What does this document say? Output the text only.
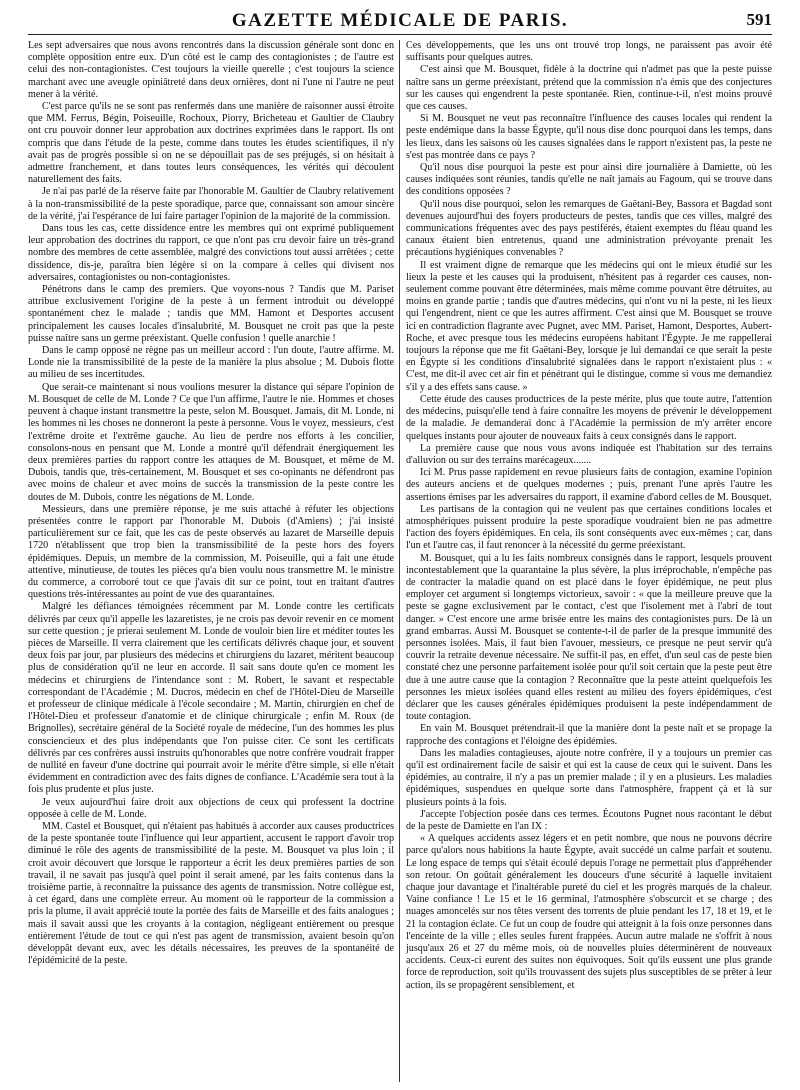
GAZETTE MÉDICALE DE PARIS.	591

Les sept adversaires que nous avons rencontrés dans la discussion générale sont donc en complète opposition entre eux. D'un côté est le camp des contagionistes ; de l'autre est celui des non-contagionistes. C'est toujours la vieille querelle ; c'est toujours la science marchant avec une aveugle opiniâtreté dans deux ornières, dont ni l'une ni l'autre ne peut mener à la vérité.

C'est parce qu'ils ne se sont pas renfermés dans une manière de raisonner aussi étroite que MM. Ferrus, Bégin, Poiseuille, Rochoux, Piorry, Bricheteau et Gaultier de Claubry ont cru pouvoir donner leur approbation aux doctrines exprimées dans le rapport. Ils ont compris que dans l'étude de la peste, comme dans toutes les études scientifiques, il n'y avait pas de progrès possible si on ne se dépouillait pas de ses préjugés, si on hésitait à admettre franchement, et dans toutes leurs conséquences, les vérités qui découlent naturellement des faits.

Je n'ai pas parlé de la réserve faite par l'honorable M. Gaultier de Claubry relativement à la non-transmissibilité de la peste sporadique, parce que, connaissant son amour sincère de la vérité, j'ai l'espérance de lui faire partager l'opinion de la majorité de la commission.

Dans tous les cas, cette dissidence entre les membres qui ont exprimé publiquement leur approbation des doctrines du rapport, ce que n'ont pas cru devoir faire un très-grand nombre des membres de cette assemblée, malgré des convictions tout aussi arrêtées ; cette dissidence, dis-je, paraîtra bien légère si on la compare à celles qui divisent nos adversaires, contagionistes ou non-contagionistes.

Pénétrons dans le camp des premiers. Que voyons-nous ? Tandis que M. Pariset attribue exclusivement l'origine de la peste à un ferment introduit ou développé spontanément chez le malade ; tandis que MM. Hamont et Desportes accusent principalement les causes locales d'insalubrité, M. Bousquet ne croit pas que la peste puisse naître sans un germe préexistant. Quelle confusion ! quelle anarchie !

Dans le camp opposé ne règne pas un meilleur accord : l'un doute, l'autre affirme. M. Londe nie la transmissibilité de la peste de la manière la plus absolue ; M. Dubois flotte au milieu de ses incertitudes.

Que serait-ce maintenant si nous voulions mesurer la distance qui sépare l'opinion de M. Bousquet de celle de M. Londe ? Ce que l'un affirme, l'autre le nie. Hommes et choses peuvent à chaque instant transmettre la peste, selon M. Bousquet. Jamais, dit M. Londe, ni les hommes ni les choses ne donneront la peste à personne. Vous le voyez, messieurs, c'est l'extrême droite et l'extrême gauche. Au lieu de perdre nos efforts à les concilier, consolons-nous en pensant que M. Londe a montré qu'il défendrait énergiquement les deux premières parties du rapport contre les attaques de M. Bousquet, et même de M. Dubois, tandis que, très-certainement, M. Bousquet et ses co-opinants ne défendront pas avec moins de chaleur et avec moins de succès la transmission de la peste contre les doutes de M. Dubois, contre les négations de M. Londe.

Messieurs, dans une première réponse, je me suis attaché à réfuter les objections présentées contre le rapport par l'honorable M. Dubois (d'Amiens) ; j'ai insisté particulièrement sur ce fait, que les cas de peste observés au lazaret de Marseille depuis 1720 n'établissent que trop bien la transmissibilité de la peste hors des foyers épidémiques. Depuis, un membre de la commission, M. Poiseuille, qui a fait une étude attentive, minutieuse, de toutes les pièces qu'a bien voulu nous transmettre M. le ministre du commerce, a corroboré tout ce que j'avais dit sur ce point, tout en traitant d'autres questions très-intéressantes au point de vue des quarantaines.

Malgré les défiances témoignées récemment par M. Londe contre les certificats délivrés par ceux qu'il appelle les lazaretistes, je ne crois pas devoir revenir en ce moment sur cette question ; je prierai seulement M. Londe de vouloir bien lire et méditer toutes les pièces de Marseille. Il verra clairement que les certificats délivrés chaque jour, et souvent deux fois par jour, par plusieurs des médecins et chirurgiens du lazaret, méritent beaucoup plus de considération qu'il ne leur en accorde. Il sait sans doute qu'en ce moment les médecins et chirurgiens de l'intendance sont : M. Robert, le savant et respectable correspondant de l'Académie ; M. Ducros, médecin en chef de l'Hôtel-Dieu de Marseille et professeur de clinique médicale à l'école secondaire ; M. Martin, chirurgien en chef de l'Hôtel-Dieu et professeur d'anatomie et de clinique chirurgicale ; enfin M. Roux (de Brignolles), secrétaire général de la Société royale de médecine, l'un des hommes les plus consciencieux et des plus indépendants que l'on puisse citer. Ce sont les certificats délivrés par ces confrères aussi instruits qu'honorables que notre confrère voudrait frapper de nullité en faveur d'une doctrine qui pourrait avoir le mérite d'être simple, si elle n'était évidemment en contradiction avec des faits dignes de confiance. L'Académie sera tout à la fois plus prudente et plus juste.

Je veux aujourd'hui faire droit aux objections de ceux qui professent la doctrine opposée à celle de M. Londe.

MM. Castel et Bousquet, qui n'étaient pas habitués à accorder aux causes productrices de la peste spontanée toute l'influence qui leur appartient, accusent le rapport d'avoir trop diminué le rôle des agents de transmissibilité de la peste. M. Bousquet va plus loin ; il croit avoir découvert que lorsque le rapporteur a écrit les deux premières parties de son travail, il ne savait pas jusqu'à quel point il serait amené, par les faits contenus dans la troisième partie, à reconnaître la puissance des agents de transmission. Notre collègue est, à cet égard, dans une complète erreur. Au moment où le rapporteur de la commission a pris la plume, il avait apprécié toute la portée des faits de Marseille et des faits analogues ; mais il savait aussi que les croyants à la contagion, négligeant entièrement ou presque entièrement l'étude de tout ce qui n'est pas agent de transmission, avaient besoin qu'on développât devant eux, avec les détails nécessaires, les preuves de la spontanéité de l'épidémicité de la peste.

Ces développements, que les uns ont trouvé trop longs, ne paraissent pas avoir été suffisants pour quelques autres.

C'est ainsi que M. Bousquet, fidèle à la doctrine qui n'admet pas que la peste puisse naître sans un germe préexistant, prétend que la commission n'a émis que des conjectures sur les causes qui engendrent la peste spontanée. Rien, continue-t-il, n'est moins prouvé que ces causes.

Si M. Bousquet ne veut pas reconnaître l'influence des causes locales qui rendent la peste endémique dans la basse Égypte, qu'il nous dise donc pourquoi dans les temps, dans les lieux, dans les saisons où les causes signalées dans le rapport n'existent pas, la peste ne s'est pas montrée dans ce pays ?

Qu'il nous dise pourquoi la peste est pour ainsi dire journalière à Damiette, où les causes indiquées sont réunies, tandis qu'elle ne naît jamais au Fagoum, qui se trouve dans des conditions opposées ?

Qu'il nous dise pourquoi, selon les remarques de Gaëtani-Bey, Bassora et Bagdad sont devenues aujourd'hui des foyers producteurs de pestes, tandis que ces villes, malgré des communications fréquentes avec des pays pestiférés, étaient exemptes du fléau quand les canaux étaient bien entretenus, quand une administration prévoyante prenait les précautions hygiéniques convenables ?

Il est vraiment digne de remarque que les médecins qui ont le mieux étudié sur les lieux la peste et les causes qui la produisent, n'hésitent pas à regarder ces causes, non-seulement comme pouvant être déterminées, mais même comme pouvant être détruites, au moins en grande partie ; tandis que d'autres médecins, qui n'ont vu ni la peste, ni les lieux qui l'engendrent, nient ce que les autres affirment. C'est ainsi que M. Bousquet se trouve ici en contradiction flagrante avec Pugnet, avec MM. Pariset, Hamont, Desportes, Aubert-Roche, et avec presque tous les médecins européens habitant l'Égypte. Je me rappellerai toujours la réponse que me fit Gaëtani-Bey, lorsque je lui demandai ce que serait la peste en Égypte si les conditions d'insalubrité signalées dans le rapport n'existaient plus : « C'est, me dit-il avec cet air fin et pénétrant qui le distingue, comme si vous me demandiez s'il y a des effets sans cause. »

Cette étude des causes productrices de la peste mérite, plus que toute autre, l'attention des médecins, puisqu'elle tend à faire connaître les moyens de prévenir le développement de la maladie. Je demanderai donc à l'Académie la permission de m'y arrêter encore quelques instants pour ajouter de nouveaux faits à ceux consignés dans le rapport.

La première cause que nous vous avons indiquée est l'habitation sur des terrains d'alluvion ou sur des terrains marécageux.......

Ici M. Prus passe rapidement en revue plusieurs faits de contagion, examine l'opinion des auteurs anciens et de quelques modernes ; puis, prenant l'une après l'autre les assertions émises par les adversaires du rapport, il examine d'abord celles de M. Bousquet.

Les partisans de la contagion qui ne veulent pas que certaines conditions locales et atmosphériques puissent produire la peste sporadique voudraient bien ne pas admettre l'action des foyers épidémiques. En cela, ils sont conséquents avec eux-mêmes ; car, dans l'un et l'autre cas, il faut renoncer à la nécessité du germe préexistant.

M. Bousquet, qui a lu les faits nombreux consignés dans le rapport, lesquels prouvent incontestablement que la quarantaine la plus sévère, la plus irréprochable, n'empêche pas de contracter la maladie quand on est placé dans le foyer épidémique, ne peut plus employer cet argument si longtemps victorieux, savoir : « que la meilleure preuve que la peste se gagne exclusivement par le contact, c'est que l'isolement met à l'abri de tout danger. » C'est encore une arme brisée entre les mains des contagionistes purs. De là un grand embarras. Aussi M. Bousquet se contente-t-il de parler de la presque immunité des personnes isolées. Mais, il faut bien l'avouer, messieurs, ce presque ne peut servir qu'à couvrir la retraite devenue nécessaire. Ne suffit-il pas, en effet, d'un seul cas de peste bien constaté chez une personne parfaitement isolée pour qu'il soit certain que la peste peut être due à une autre cause que la contagion ? Reconnaître que la peste atteint quelquefois les personnes les mieux isolées quand elles restent au milieu des foyers épidémiques, c'est déclarer que les causes générales épidémiques produisent la peste indépendamment de toute contagion.

En vain M. Bousquet prétendrait-il que la manière dont la peste naît et se propage la rapproche des contagions et l'éloigne des épidémies.

Dans les maladies contagieuses, ajoute notre confrère, il y a toujours un premier cas qu'il est ordinairement facile de saisir et qui est la cause de ceux qui le suivent. Dans les épidémies, au contraire, il n'y a pas un premier malade ; il y en a plusieurs. Les maladies épidémiques, suspendues en quelque sorte dans l'atmosphère, frappent çà et là sur plusieurs points à la fois.

J'accepte l'objection posée dans ces termes. Écoutons Pugnet nous racontant le début de la peste de Damiette en l'an IX :

« A quelques accidents assez légers et en petit nombre, que nous ne pouvons décrire parce qu'alors nous habitions la haute Égypte, avait succédé un calme parfait et soutenu. Le long espace de temps qui s'était écoulé depuis l'orage ne permettait plus d'appréhender son retour. On goûtait généralement les douceurs d'une sécurité à laquelle invitaient chaque jour davantage et l'inaltérable pureté du ciel et les progrès marqués de la chaleur. Vaine confiance ! Le 15 et le 16 germinal, l'atmosphère s'obscurcit et se charge ; des nuages amoncelés sur nos têtes versent des torrents de pluie pendant les 17, 18 et 19, et le 21 la contagion éclate. Ce fut un coup de foudre qui atteignit à la fois onze personnes dans l'enceinte de la ville ; elles seules furent frappées. Aucun autre malade ne s'offrit à nous jusqu'aux 26 et 27 du même mois, où de nouvelles pluies déterminèrent de nouveaux accidents. Ceux-ci eurent des suites non équivoques. Soit qu'ils eussent une plus grande force de reproduction, soit qu'ils trouvassent des sujets plus susceptibles de se prêter à leur action, ils se propagèrent sensiblement, et
